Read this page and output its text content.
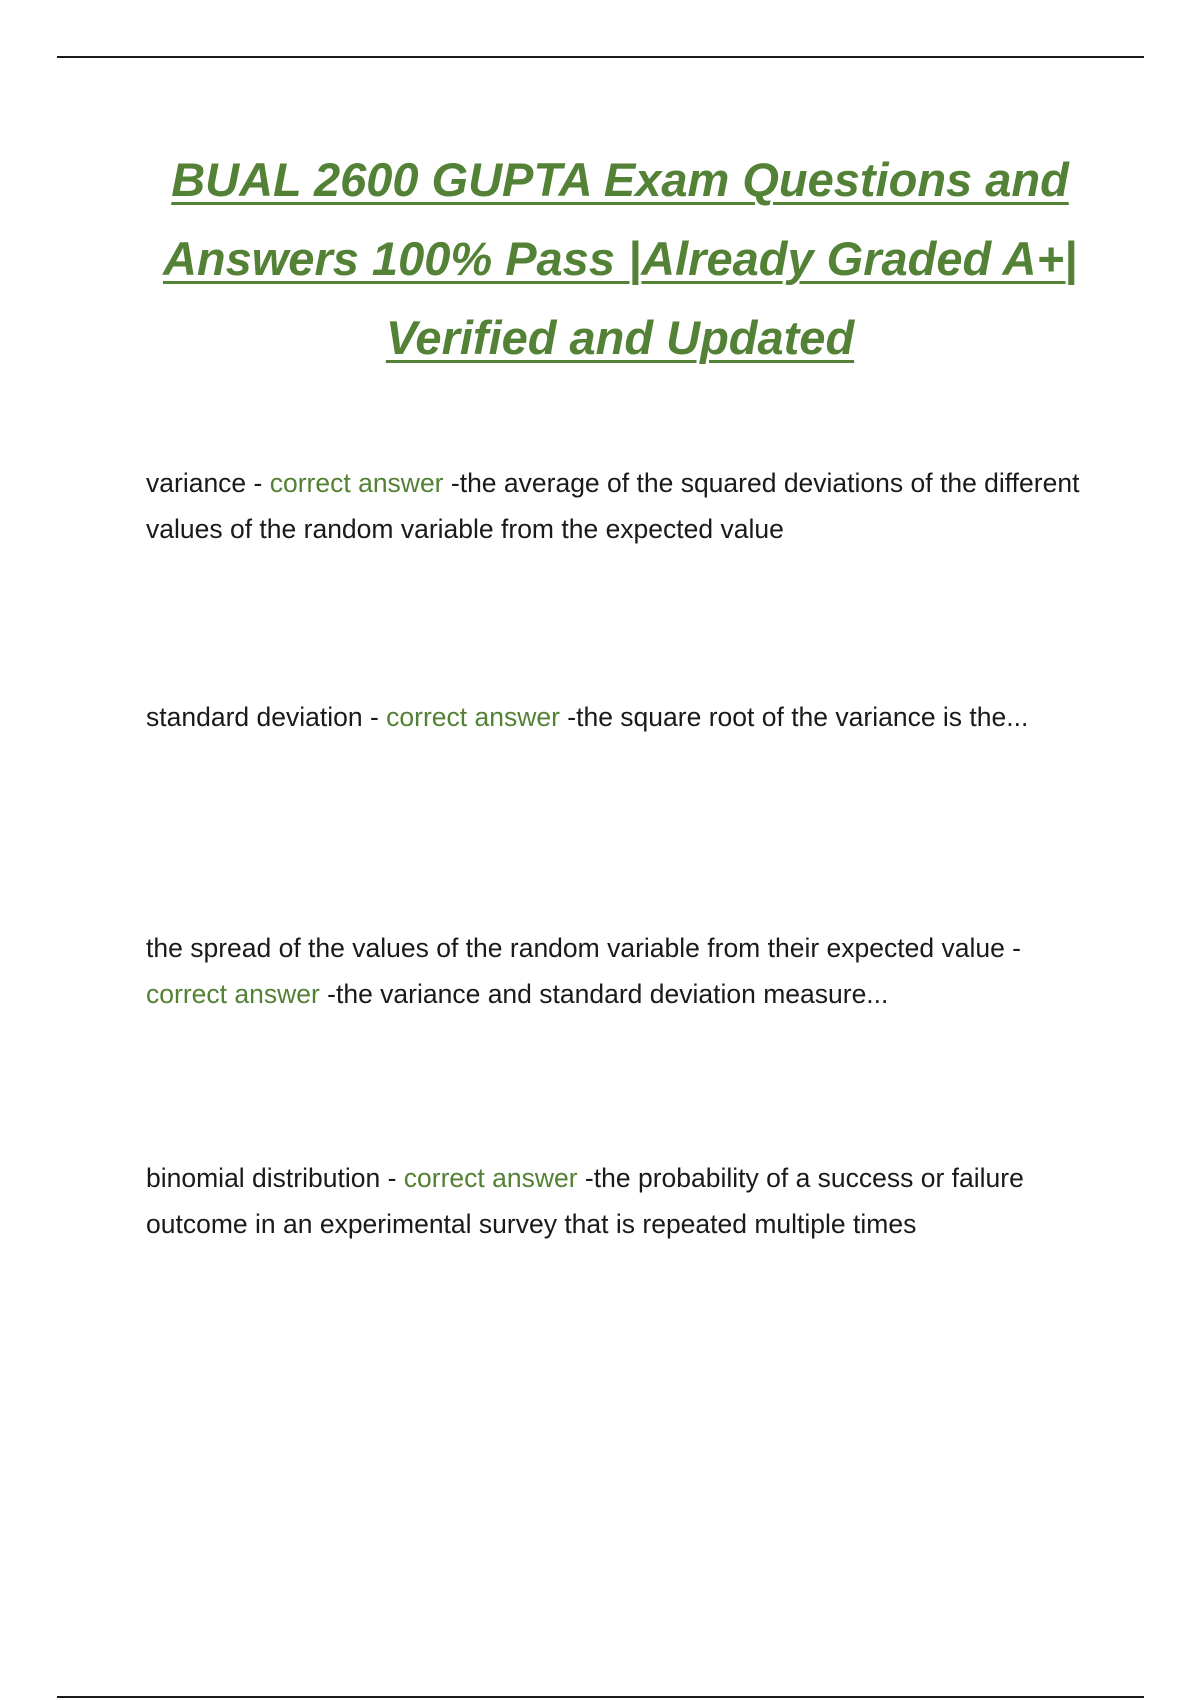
BUAL 2600 GUPTA Exam Questions and Answers 100% Pass |Already Graded A+| Verified and Updated

variance - correct answer -the average of the squared deviations of the different values of the random variable from the expected value

standard deviation - correct answer -the square root of the variance is the...

the spread of the values of the random variable from their expected value - correct answer -the variance and standard deviation measure...

binomial distribution - correct answer -the probability of a success or failure outcome in an experimental survey that is repeated multiple times
